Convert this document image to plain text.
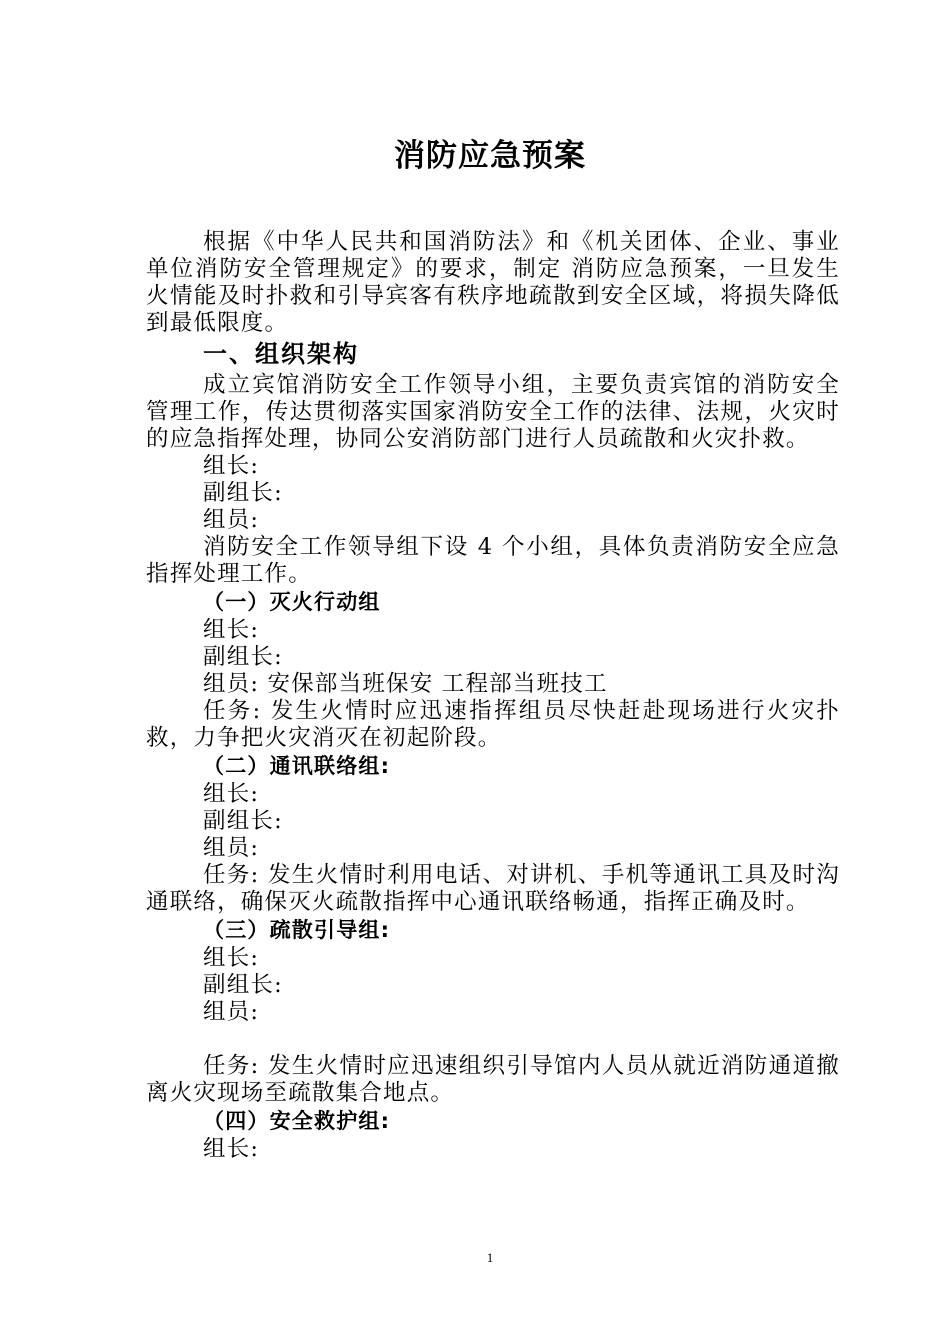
消防应急预案

根据《中华人民共和国消防法》和《机关团体、企业、事业单位消防安全管理规定》的要求，制定 消防应急预案，一旦发生火情能及时扑救和引导宾客有秩序地疏散到安全区域，将损失降低到最低限度。

一、组织架构

成立宾馆消防安全工作领导小组，主要负责宾馆的消防安全管理工作，传达贯彻落实国家消防安全工作的法律、法规，火灾时的应急指挥处理，协同公安消防部门进行人员疏散和火灾扑救。

组长:
副组长:
组员:

消防安全工作领导组下设 4 个小组，具体负责消防安全应急指挥处理工作。

（一）灭火行动组
组长:
副组长:
组员: 安保部当班保安 工程部当班技工

任务: 发生火情时应迅速指挥组员尽快赶赴现场进行火灾扑救，力争把火灾消灭在初起阶段。

（二）通讯联络组:
组长:
副组长:
组员:

任务: 发生火情时利用电话、对讲机、手机等通讯工具及时沟通联络，确保灭火疏散指挥中心通讯联络畅通，指挥正确及时。

（三）疏散引导组:
组长:
副组长:
组员:

任务: 发生火情时应迅速组织引导馆内人员从就近消防通道撤离火灾现场至疏散集合地点。

（四）安全救护组:
组长:
1
